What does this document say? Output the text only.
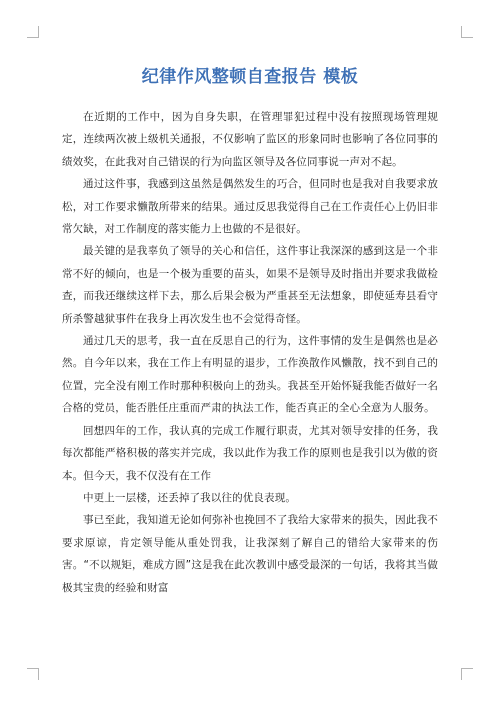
纪律作风整顿自查报告 模板

在近期的工作中，因为自身失职，在管理罪犯过程中没有按照现场管理规定，连续两次被上级机关通报，不仅影响了监区的形象同时也影响了各位同事的绩效奖，在此我对自己错误的行为向监区领导及各位同事说一声对不起。

通过这件事，我感到这虽然是偶然发生的巧合，但同时也是我对自我要求放松，对工作要求懒散所带来的结果。通过反思我觉得自己在工作责任心上仍旧非常欠缺，对工作制度的落实能力上也做的不是很好。

最关键的是我辜负了领导的关心和信任，这件事让我深深的感到这是一个非常不好的倾向，也是一个极为重要的苗头，如果不是领导及时指出并要求我做检查，而我还继续这样下去，那么后果会极为严重甚至无法想象，即使延寿县看守所杀警越狱事件在我身上再次发生也不会觉得奇怪。

通过几天的思考，我一直在反思自己的行为，这件事情的发生是偶然也是必然。自今年以来，我在工作上有明显的退步，工作涣散作风懒散，找不到自己的位置，完全没有刚工作时那种积极向上的劲头。我甚至开始怀疑我能否做好一名合格的党员，能否胜任庄重而严肃的执法工作，能否真正的全心全意为人服务。

回想四年的工作，我认真的完成工作履行职责，尤其对领导安排的任务，我每次都能严格积极的落实并完成，我以此作为我工作的原则也是我引以为傲的资本。但今天，我不仅没有在工作

中更上一层楼，还丢掉了我以往的优良表现。

事已至此，我知道无论如何弥补也挽回不了我给大家带来的损失，因此我不要求原谅，肯定领导能从重处罚我，让我深刻了解自己的错给大家带来的伤害。“不以规矩，难成方圆”这是我在此次教训中感受最深的一句话，我将其当做极其宝贵的经验和财富
